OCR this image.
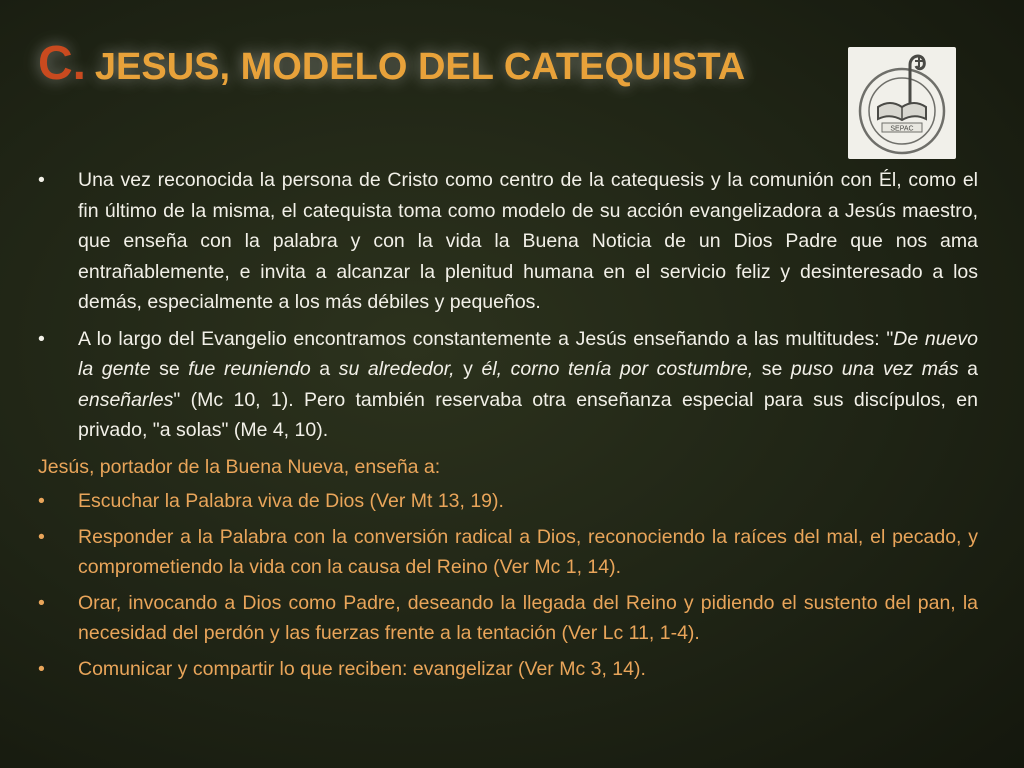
C. JESUS, MODELO DEL CATEQUISTA
SEPAC
• Una vez reconocida la persona de Cristo como centro de la catequesis y la comunión con Él, como el fin último de la misma, el catequista toma como modelo de su acción evangelizadora a Jesús maestro, que enseña con la palabra y con la vida la Buena Noticia de un Dios Padre que nos ama entrañablemente, e invita a alcanzar la plenitud humana en el servicio feliz y desinteresado a los demás, especialmente a los más débiles y pequeños.
• A lo largo del Evangelio encontramos constantemente a Jesús enseñando a las multitudes: "De nuevo la gente se fue reuniendo a su alrededor, y él, corno tenía por costumbre, se puso una vez más a enseñarles" (Mc 10, 1). Pero también reservaba otra enseñanza especial para sus discípulos, en privado, "a solas" (Me 4, 10).
Jesús, portador de la Buena Nueva, enseña a:
• Escuchar la Palabra viva de Dios (Ver Mt 13, 19).
• Responder a la Palabra con la conversión radical a Dios, reconociendo la raíces del mal, el pecado, y comprometiendo la vida con la causa del Reino (Ver Mc 1, 14).
• Orar, invocando a Dios como Padre, deseando la llegada del Reino y pidiendo el sustento del pan, la necesidad del perdón y las fuerzas frente a la tentación (Ver Lc 11, 1-4).
• Comunicar y compartir lo que reciben: evangelizar (Ver Mc 3, 14).
